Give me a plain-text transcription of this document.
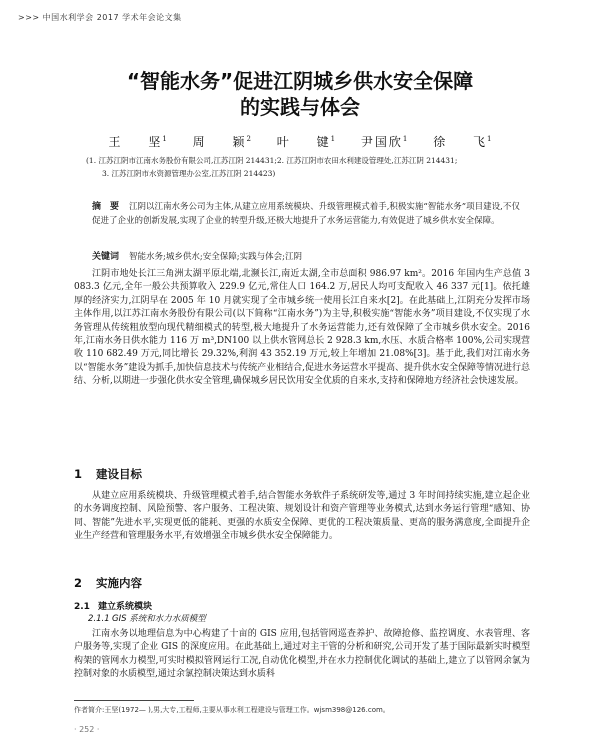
>>> 中国水利学会 2017 学术年会论文集
“智能水务”促进江阴城乡供水安全保障
的实践与体会
王 坚$^1$ 周 颖$^2$ 叶 键$^1$ 尹国欣$^1$ 徐 飞$^1$
(1. 江苏江阴市江南水务股份有限公司,江苏江阴 214431;2. 江苏江阴市农田水利建设管理处,江苏江阴 214431;
3. 江苏江阴市水资源管理办公室,江苏江阴 214423)
摘　要 江阴以江南水务公司为主体,从建立应用系统模块、升级管理模式着手,积极实施“智能水务”项目建设,不仅促进了企业的创新发展,实现了企业的转型升级,还极大地提升了水务运营能力,有效促进了城乡供水安全保障。
关键词 智能水务;城乡供水;安全保障;实践与体会;江阴
江阴市地处长江三角洲太湖平原北端,北濒长江,南近太湖,全市总面积 986.97 km²。2016 年国内生产总值 3 083.3 亿元,全年一般公共预算收入 229.9 亿元,常住人口 164.2 万,居民人均可支配收入 46 337 元[1]。依托雄厚的经济实力,江阴早在 2005 年 10 月就实现了全市城乡统一使用长江自来水[2]。在此基础上,江阴充分发挥市场主体作用,以江苏江南水务股份有限公司(以下简称“江南水务”)为主导,积极实施“智能水务”项目建设,不仅实现了水务管理从传统粗放型向现代精细模式的转型,极大地提升了水务运营能力,还有效保障了全市城乡供水安全。2016 年,江南水务日供水能力 116 万 m³,DN100 以上供水管网总长 2 928.3 km,水压、水质合格率 100%,公司实现营收 110 682.49 万元,同比增长 29.32%,利润 43 352.19 万元,较上年增加 21.08%[3]。基于此,我们对江南水务以“智能水务”建设为抓手,加快信息技术与传统产业相结合,促进水务运营水平提高、提升供水安全保障等情况进行总结、分析,以期进一步强化供水安全管理,确保城乡居民饮用安全优质的自来水,支持和保障地方经济社会快速发展。
1 建设目标
从建立应用系统模块、升级管理模式着手,结合智能水务软件子系统研发等,通过 3 年时间持续实施,建立起企业的水务调度控制、风险预警、客户服务、工程决策、规划设计和资产管理等业务模式,达到水务运行管理“感知、协同、智能”先进水平,实现更低的能耗、更强的水质安全保障、更优的工程决策质量、更高的服务满意度,全面提升企业生产经营和管理服务水平,有效增强全市城乡供水安全保障能力。
2 实施内容
2.1 建立系统模块
2.1.1 GIS 系统和水力水质模型
江南水务以地理信息为中心构建了十亩的 GIS 应用,包括管网巡查养护、故障抢修、监控调度、水表管理、客户服务等,实现了企业 GIS 的深度应用。在此基础上,通过对主干管的分析和研究,公司开发了基于国际最新实时模型构架的管网水力模型,可实时模拟管网运行工况,自动优化模型,并在水力控制优化调试的基础上,建立了以管网余氯为控制对象的水质模型,通过余氯控制决策达到水质科
作者简介:王坚(1972— ),男,大专,工程师,主要从事水利工程建设与管理工作。wjsm398@126.com。
· 252 ·
